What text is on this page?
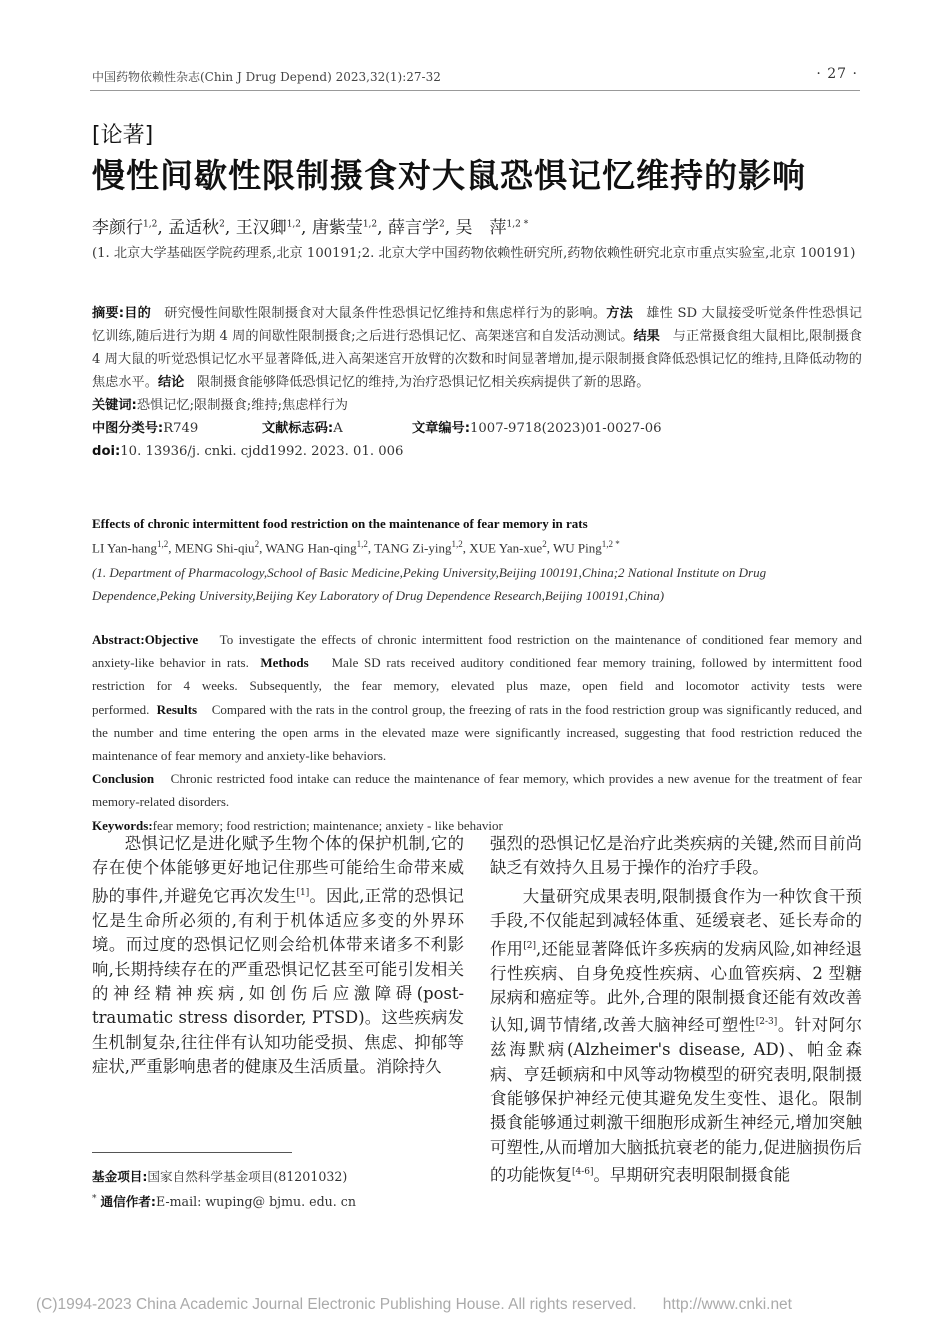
中国药物依赖性杂志(Chin J Drug Depend) 2023,32(1):27-32	· 27 ·
[论著]
慢性间歇性限制摄食对大鼠恐惧记忆维持的影响
李颜行$^{1,2}$, 孟适秋$^2$, 王汉卿$^{1,2}$, 唐紫莹$^{1,2}$, 薛言学$^2$, 吴　萍$^{1,2 *}$
(1. 北京大学基础医学院药理系,北京 100191;2. 北京大学中国药物依赖性研究所,药物依赖性研究北京市重点实验室,北京 100191)
摘要:目的 研究慢性间歇性限制摄食对大鼠条件性恐惧记忆维持和焦虑样行为的影响。方法 雄性 SD 大鼠接受听觉条件性恐惧记忆训练,随后进行为期 4 周的间歇性限制摄食;之后进行恐惧记忆、高架迷宫和自发活动测试。结果 与正常摄食组大鼠相比,限制摄食 4 周大鼠的听觉恐惧记忆水平显著降低,进入高架迷宫开放臂的次数和时间显著增加,提示限制摄食降低恐惧记忆的维持,且降低动物的焦虑水平。结论 限制摄食能够降低恐惧记忆的维持,为治疗恐惧记忆相关疾病提供了新的思路。
关键词:恐惧记忆;限制摄食;维持;焦虑样行为
中图分类号:R749	文献标志码:A	文章编号:1007-9718(2023)01-0027-06
doi:10. 13936/j. cnki. cjdd1992. 2023. 01. 006
Effects of chronic intermittent food restriction on the maintenance of fear memory in rats
LI Yan-hang$^{1,2}$, MENG Shi-qiu$^2$, WANG Han-qing$^{1,2}$, TANG Zi-ying$^{1,2}$, XUE Yan-xue$^2$, WU Ping$^{1,2 *}$
(1. Department of Pharmacology,School of Basic Medicine,Peking University,Beijing 100191,China;2 National Institute on Drug Dependence,Peking University,Beijing Key Laboratory of Drug Dependence Research,Beijing 100191,China)
Abstract:Objective To investigate the effects of chronic intermittent food restriction on the maintenance of conditioned fear memory and anxiety-like behavior in rats. Methods Male SD rats received auditory conditioned fear memory training, followed by intermittent food restriction for 4 weeks. Subsequently, the fear memory, elevated plus maze, open field and locomotor activity tests were performed. Results Compared with the rats in the control group, the freezing of rats in the food restriction group was significantly reduced, and the number and time entering the open arms in the elevated maze were significantly increased, suggesting that food restriction reduced the maintenance of fear memory and anxiety-like behaviors.
Conclusion Chronic restricted food intake can reduce the maintenance of fear memory, which provides a new avenue for the treatment of fear memory-related disorders.
Keywords:fear memory; food restriction; maintenance; anxiety - like behavior

恐惧记忆是进化赋予生物个体的保护机制,它的存在使个体能够更好地记住那些可能给生命带来威胁的事件,并避免它再次发生[1]。因此,正常的恐惧记忆是生命所必须的,有利于机体适应多变的外界环境。而过度的恐惧记忆则会给机体带来诸多不利影响,长期持续存在的严重恐惧记忆甚至可能引发相关的神经精神疾病,如创伤后应激障碍(post-traumatic stress disorder, PTSD)。这些疾病发生机制复杂,往往伴有认知功能受损、焦虑、抑郁等症状,严重影响患者的健康及生活质量。消除持久

强烈的恐惧记忆是治疗此类疾病的关键,然而目前尚缺乏有效持久且易于操作的治疗手段。

大量研究成果表明,限制摄食作为一种饮食干预手段,不仅能起到减轻体重、延缓衰老、延长寿命的作用[2],还能显著降低许多疾病的发病风险,如神经退行性疾病、自身免疫性疾病、心血管疾病、2 型糖尿病和癌症等。此外,合理的限制摄食还能有效改善认知,调节情绪,改善大脑神经可塑性[2-3]。针对阿尔兹海默病(Alzheimer's disease, AD)、帕金森病、亨廷顿病和中风等动物模型的研究表明,限制摄食能够保护神经元使其避免发生变性、退化。限制摄食能够通过刺激干细胞形成新生神经元,增加突触可塑性,从而增加大脑抵抗衰老的能力,促进脑损伤后的功能恢复[4-6]。早期研究表明限制摄食能

基金项目:国家自然科学基金项目(81201032)
* 通信作者:E-mail: wuping@ bjmu. edu. cn
(C)1994-2023 China Academic Journal Electronic Publishing House. All rights reserved.	http://www.cnki.net
